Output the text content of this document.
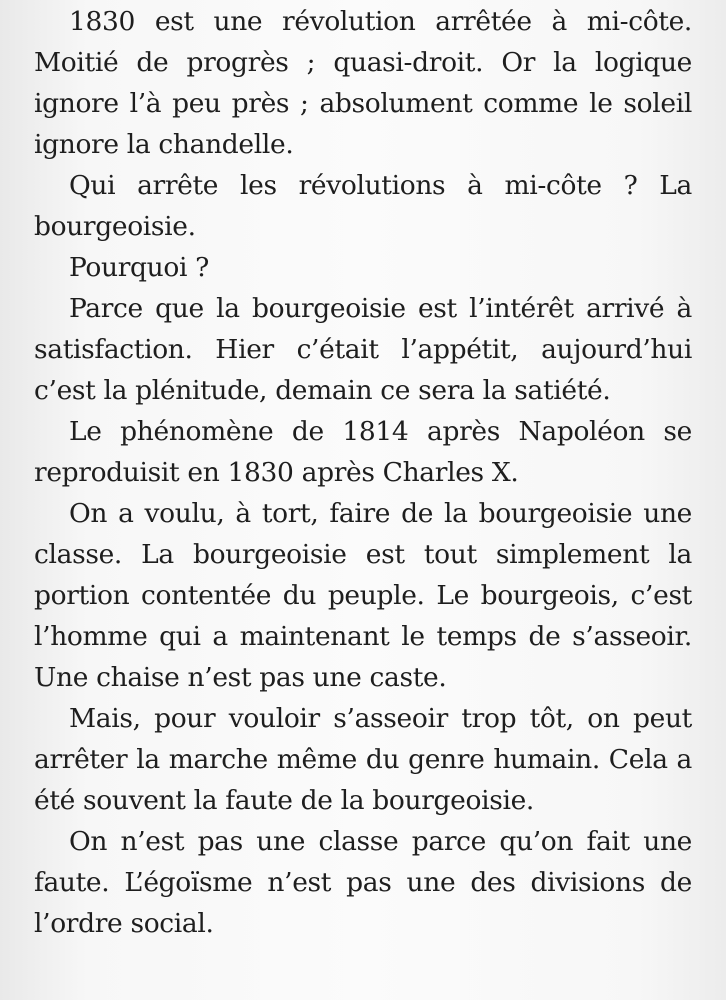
1830 est une révolution arrêtée à mi-côte. Moitié de progrès ; quasi-droit. Or la logique ignore l’à peu près ; absolument comme le soleil ignore la chandelle.

Qui arrête les révolutions à mi-côte ? La bourgeoisie.

Pourquoi ?

Parce que la bourgeoisie est l’intérêt arrivé à satisfaction. Hier c’était l’appétit, aujourd’hui c’est la plénitude, demain ce sera la satiété.

Le phénomène de 1814 après Napoléon se reproduisit en 1830 après Charles X.

On a voulu, à tort, faire de la bourgeoisie une classe. La bourgeoisie est tout simplement la portion contentée du peuple. Le bourgeois, c’est l’homme qui a maintenant le temps de s’asseoir. Une chaise n’est pas une caste.

Mais, pour vouloir s’asseoir trop tôt, on peut arrêter la marche même du genre humain. Cela a été souvent la faute de la bourgeoisie.

On n’est pas une classe parce qu’on fait une faute. L’égoïsme n’est pas une des divisions de l’ordre social.
